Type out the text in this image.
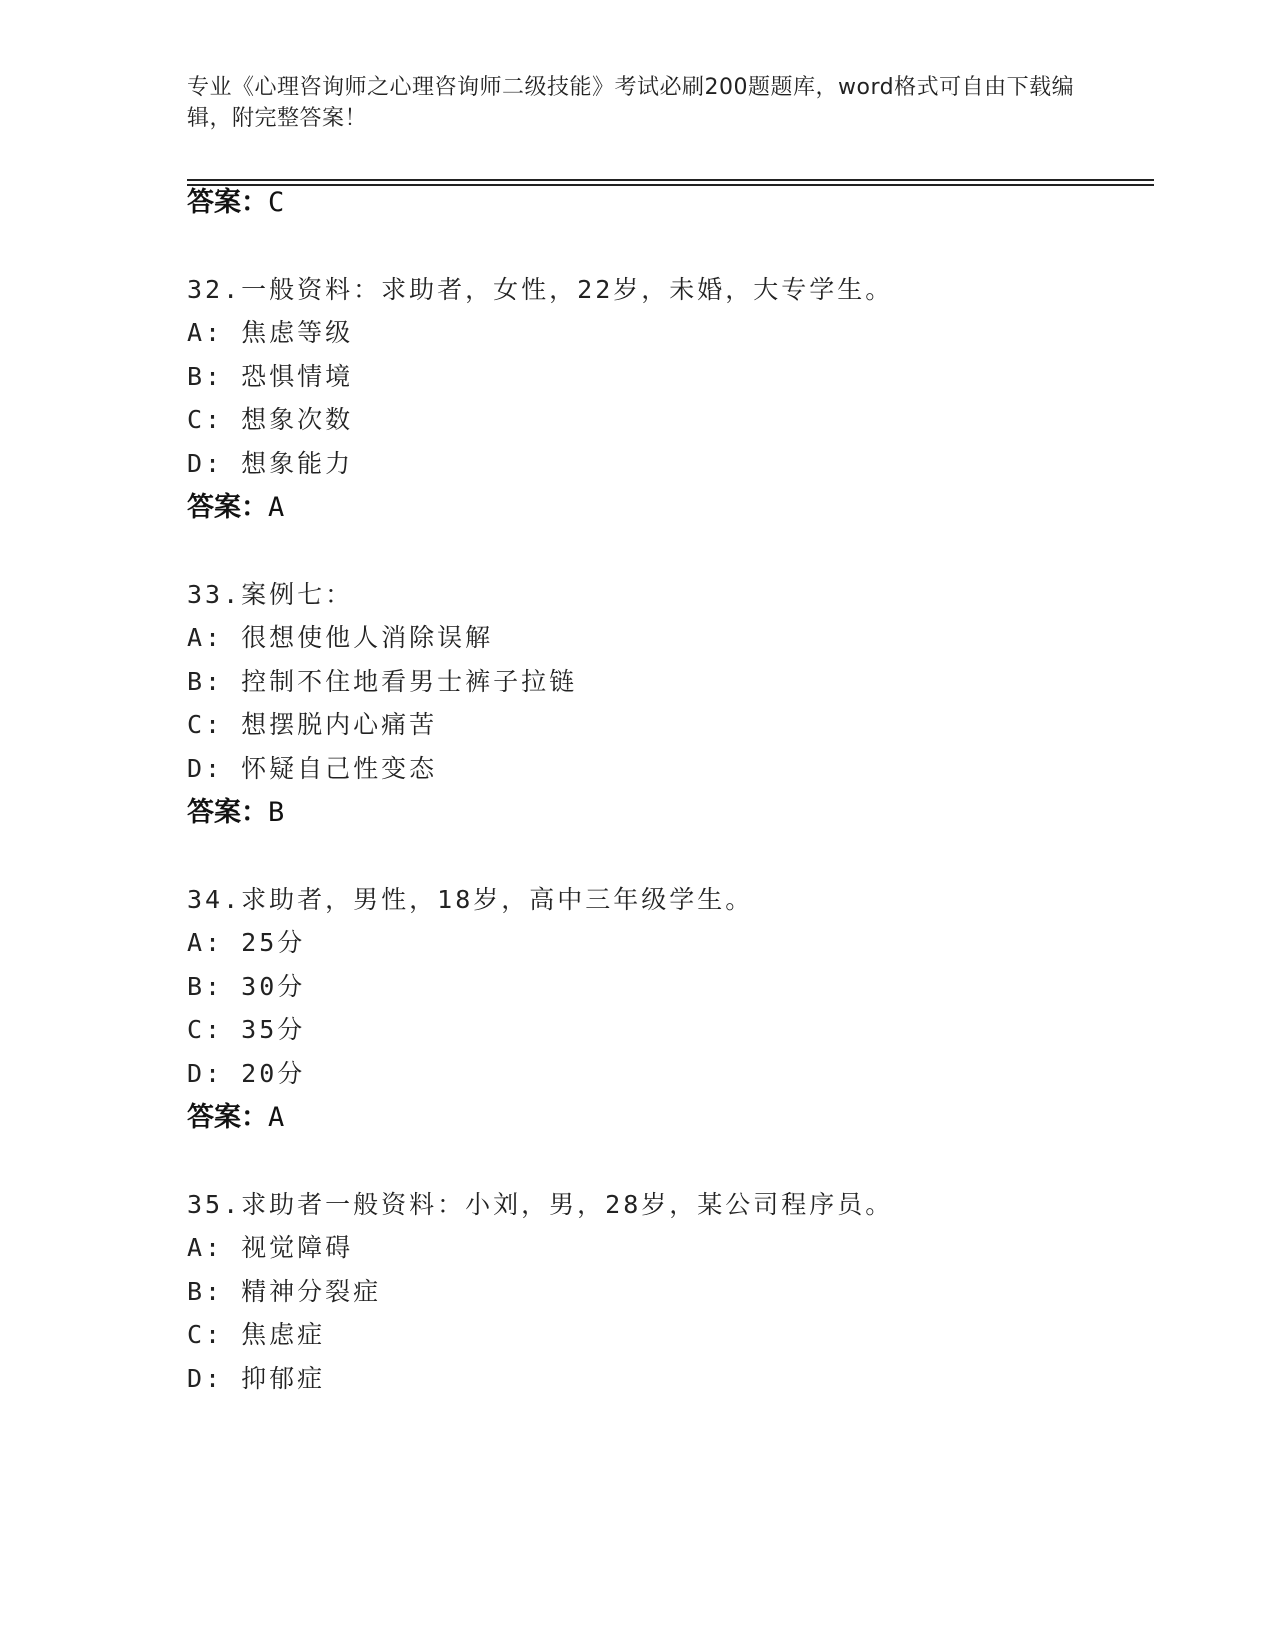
专业《心理咨询师之心理咨询师二级技能》考试必刷200题题库，word格式可自由下载编辑，附完整答案！
答案：C
32.一般资料：求助者，女性，22岁，未婚，大专学生。
A: 焦虑等级
B: 恐惧情境
C: 想象次数
D: 想象能力
答案：A
33.案例七：
A: 很想使他人消除误解
B: 控制不住地看男士裤子拉链
C: 想摆脱内心痛苦
D: 怀疑自己性变态
答案：B
34.求助者，男性，18岁，高中三年级学生。
A: 25分
B: 30分
C: 35分
D: 20分
答案：A
35.求助者一般资料：小刘，男，28岁，某公司程序员。
A: 视觉障碍
B: 精神分裂症
C: 焦虑症
D: 抑郁症
